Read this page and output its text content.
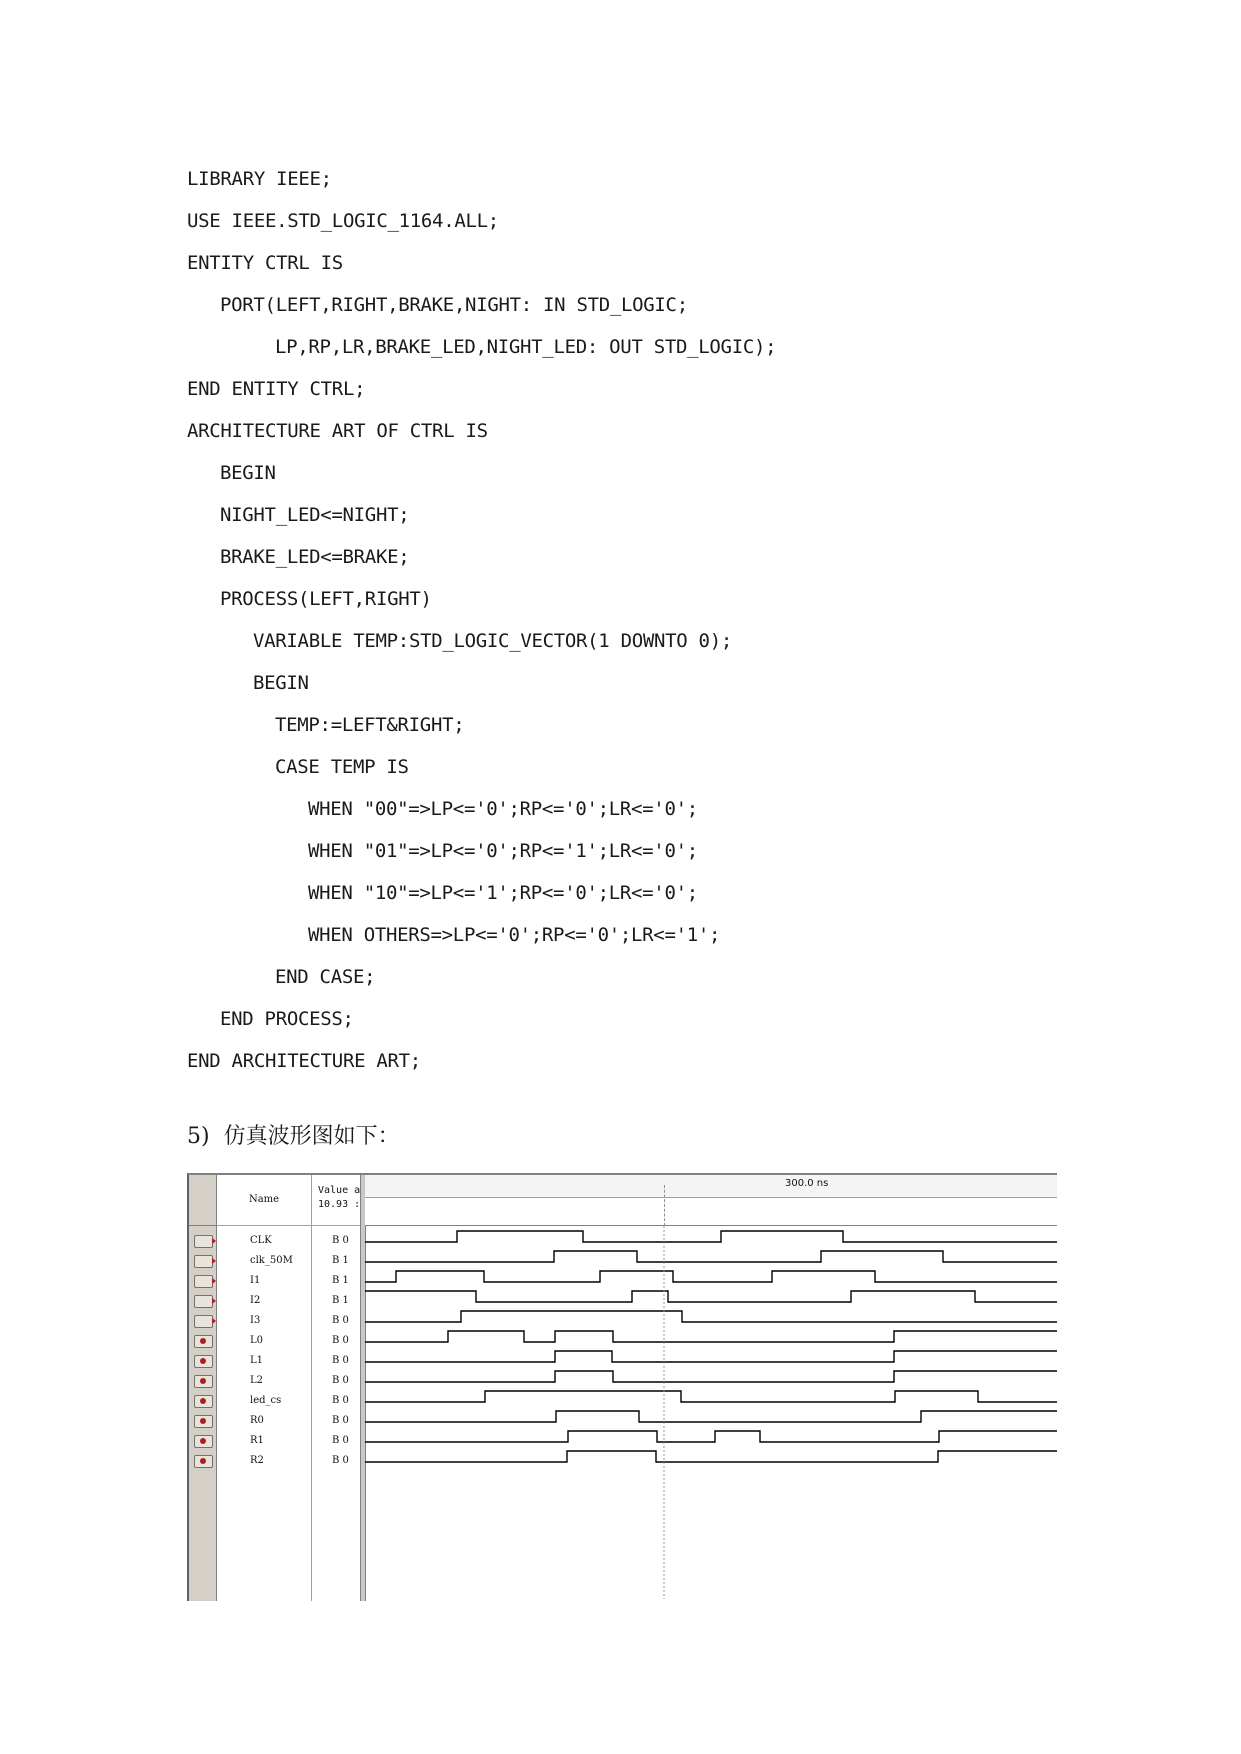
LIBRARY IEEE;
USE IEEE.STD_LOGIC_1164.ALL;
ENTITY CTRL IS
PORT(LEFT,RIGHT,BRAKE,NIGHT: IN STD_LOGIC;
LP,RP,LR,BRAKE_LED,NIGHT_LED: OUT STD_LOGIC);
END ENTITY CTRL;
ARCHITECTURE ART OF CTRL IS
BEGIN
NIGHT_LED<=NIGHT;
BRAKE_LED<=BRAKE;
PROCESS(LEFT,RIGHT)
VARIABLE TEMP:STD_LOGIC_VECTOR(1 DOWNTO 0);
BEGIN
TEMP:=LEFT&RIGHT;
CASE TEMP IS
WHEN "00"=>LP<='0';RP<='0';LR<='0';
WHEN "01"=>LP<='0';RP<='1';LR<='0';
WHEN "10"=>LP<='1';RP<='0';LR<='0';
WHEN OTHERS=>LP<='0';RP<='0';LR<='1';
END CASE;
END PROCESS;
END ARCHITECTURE ART;
5)  仿真波形图如下：
Name
Value a
10.93 :
300.0 ns
CLK	B 0
clk_50M	B 1
I1	B 1
I2	B 1
I3	B 0
L0	B 0
L1	B 0
L2	B 0
led_cs	B 0
R0	B 0
R1	B 0
R2	B 0
